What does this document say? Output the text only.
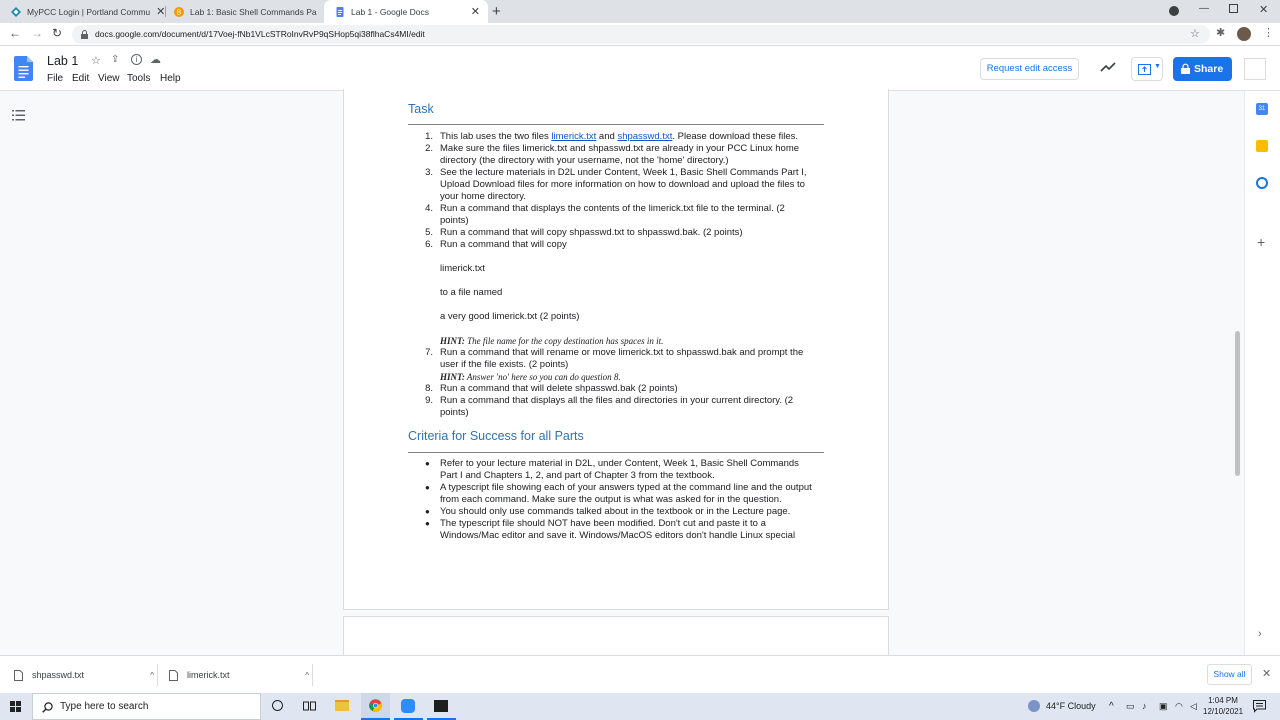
MyPCC Login | Portland Commu ✕ B Lab 1: Basic Shell Commands Pa	Lab 1 - Google Docs	✕ +	—	✕
← → ↻	docs.google.com/document/d/17Voej-fNb1VLcSTRoInvRvP9qSHop5qi38flhaCs4MI/edit	☆ ✱	⋮
Lab 1 ☆ ⇪	i	☁
File Edit View Tools Help
Request edit access	▼	Share
Task
1. This lab uses the two files limerick.txt and shpasswd.txt. Please download these files.
2. Make sure the files limerick.txt and shpasswd.txt are already in your PCC Linux home
directory (the directory with your username, not the 'home' directory.)
3. See the lecture materials in D2L under Content, Week 1, Basic Shell Commands Part I,
Upload Download files for more information on how to download and upload the files to
your home directory.
4. Run a command that displays the contents of the limerick.txt file to the terminal. (2
points)
5. Run a command that will copy shpasswd.txt to shpasswd.bak. (2 points)
6. Run a command that will copy
limerick.txt
to a file named
a very good limerick.txt (2 points)
HINT: The file name for the copy destination has spaces in it.
7. Run a command that will rename or move limerick.txt to shpasswd.bak and prompt the
user if the file exists. (2 points)
HINT: Answer 'no' here so you can do question 8.
8. Run a command that will delete shpasswd.bak (2 points)
9. Run a command that displays all the files and directories in your current directory. (2
points)
Criteria for Success for all Parts
● Refer to your lecture material in D2L, under Content, Week 1, Basic Shell Commands
Part I and Chapters 1, 2, and part of Chapter 3 from the textbook.
● A typescript file showing each of your answers typed at the command line and the output
from each command. Make sure the output is what was asked for in the question.
● You should only use commands talked about in the textbook or in the Lecture page.
● The typescript file should NOT have been modified. Don't cut and paste it to a
Windows/Mac editor and save it. Windows/MacOS editors don't handle Linux special
31
+
›
shpasswd.txt	^	limerick.txt	^	Show all	✕
Type here to search	44°F Cloudy ^ ▭ ♪ ▣ ◠ ◁
1:04 PM
12/10/2021
